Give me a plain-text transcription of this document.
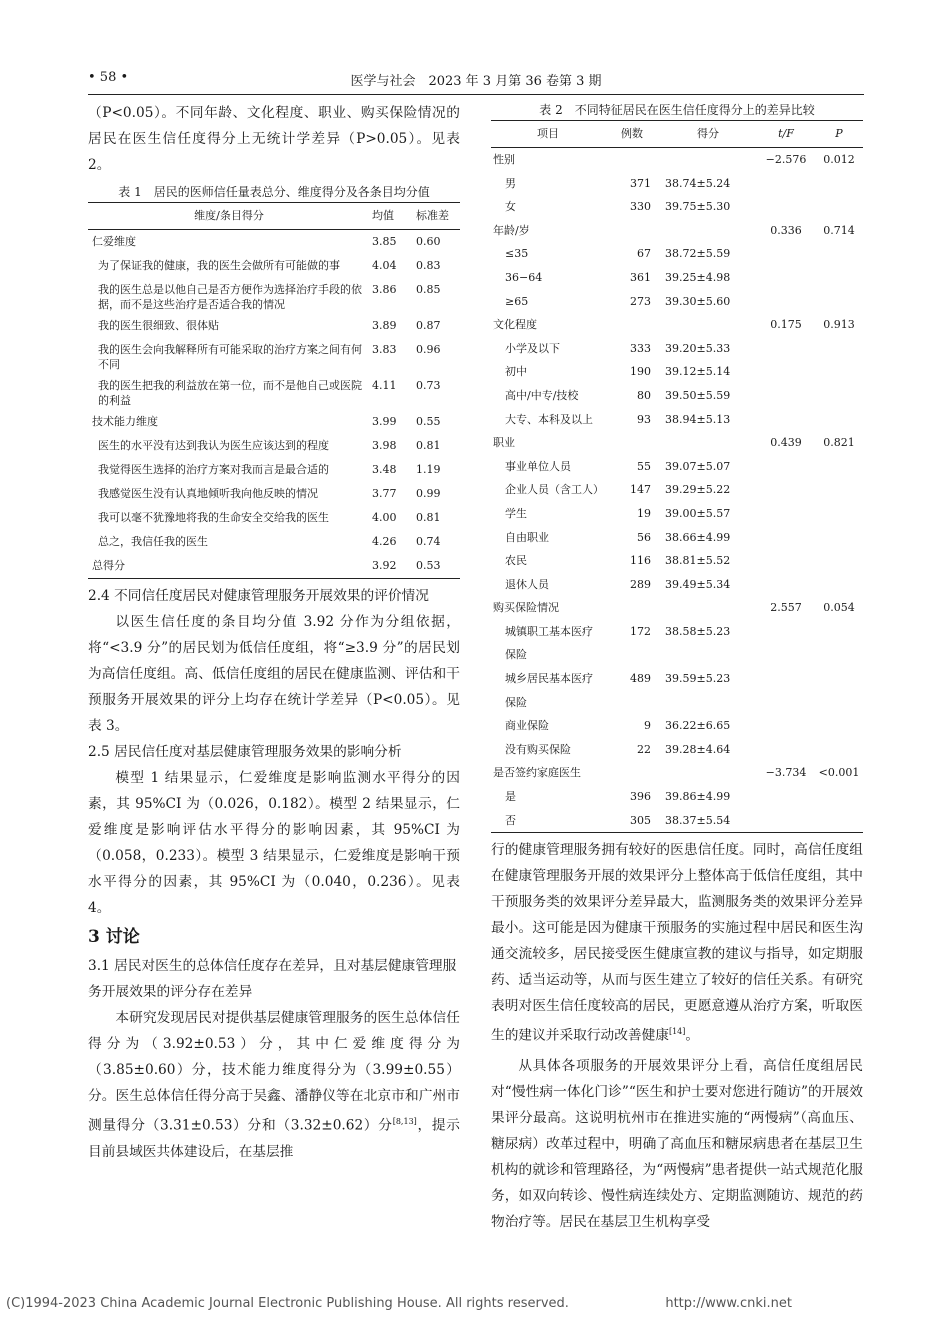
• 58 •	医学与社会　2023 年 3 月第 36 卷第 3 期

（P<0.05）。不同年龄、文化程度、职业、购买保险情况的居民在医生信任度得分上无统计学差异（P>0.05）。见表 2。

表 1　居民的医师信任量表总分、维度得分及各条目均分值
维度/条目得分	均值	标准差
仁爱维度	3.85	0.60
为了保证我的健康，我的医生会做所有可能做的事	4.04	0.83
我的医生总是以他自己是否方便作为选择治疗手段的依据，而不是这些治疗是否适合我的情况	3.86	0.85
我的医生很细致、很体贴	3.89	0.87
我的医生会向我解释所有可能采取的治疗方案之间有何不同	3.83	0.96
我的医生把我的利益放在第一位，而不是他自己或医院的利益	4.11	0.73
技术能力维度	3.99	0.55
医生的水平没有达到我认为医生应该达到的程度	3.98	0.81
我觉得医生选择的治疗方案对我而言是最合适的	3.48	1.19
我感觉医生没有认真地倾听我向他反映的情况	3.77	0.99
我可以毫不犹豫地将我的生命安全交给我的医生	4.00	0.81
总之，我信任我的医生	4.26	0.74
总得分	3.92	0.53

2.4 不同信任度居民对健康管理服务开展效果的评价情况

以医生信任度的条目均分值 3.92 分作为分组依据，将“<3.9 分”的居民划为低信任度组，将“≥3.9 分”的居民划为高信任度组。高、低信任度组的居民在健康监测、评估和干预服务开展效果的评分上均存在统计学差异（P<0.05）。见表 3。

2.5 居民信任度对基层健康管理服务效果的影响分析

模型 1 结果显示，仁爱维度是影响监测水平得分的因素，其 95%CI 为（0.026，0.182）。模型 2 结果显示，仁爱维度是影响评估水平得分的影响因素，其 95%CI 为（0.058，0.233）。模型 3 结果显示，仁爱维度是影响干预水平得分的因素，其 95%CI 为（0.040，0.236）。见表 4。

3 讨论

3.1 居民对医生的总体信任度存在差异，且对基层健康管理服务开展效果的评分存在差异

本研究发现居民对提供基层健康管理服务的医生总体信任得分为（3.92±0.53）分，其中仁爱维度得分为（3.85±0.60）分，技术能力维度得分为（3.99±0.55）分。医生总体信任得分高于吴鑫、潘静仪等在北京市和广州市测量得分（3.31±0.53）分和（3.32±0.62）分[8,13]，提示目前县域医共体建设后，在基层推

表 2　不同特征居民在医生信任度得分上的差异比较
项目	例数	得分	t/F	P
性别			−2.576	0.012
男	371	38.74±5.24		
女	330	39.75±5.30		
年龄/岁			0.336	0.714
≤35	67	38.72±5.59		
36−64	361	39.25±4.98		
≥65	273	39.30±5.60		
文化程度			0.175	0.913
小学及以下	333	39.20±5.33		
初中	190	39.12±5.14		
高中/中专/技校	80	39.50±5.59		
大专、本科及以上	93	38.94±5.13		
职业			0.439	0.821
事业单位人员	55	39.07±5.07		
企业人员（含工人）	147	39.29±5.22		
学生	19	39.00±5.57		
自由职业	56	38.66±4.99		
农民	116	38.81±5.52		
退休人员	289	39.49±5.34		
购买保险情况			2.557	0.054
城镇职工基本医疗保险	172	38.58±5.23		
城乡居民基本医疗保险	489	39.59±5.23		
商业保险	9	36.22±6.65		
没有购买保险	22	39.28±4.64		
是否签约家庭医生			−3.734	<0.001
是	396	39.86±4.99		
否	305	38.37±5.54		

行的健康管理服务拥有较好的医患信任度。同时，高信任度组在健康管理服务开展的效果评分上整体高于低信任度组，其中干预服务类的效果评分差异最大，监测服务类的效果评分差异最小。这可能是因为健康干预服务的实施过程中居民和医生沟通交流较多，居民接受医生健康宣教的建议与指导，如定期服药、适当运动等，从而与医生建立了较好的信任关系。有研究表明对医生信任度较高的居民，更愿意遵从治疗方案，听取医生的建议并采取行动改善健康[14]。

从具体各项服务的开展效果评分上看，高信任度组居民对“慢性病一体化门诊”“医生和护士要对您进行随访”的开展效果评分最高。这说明杭州市在推进实施的“两慢病”（高血压、糖尿病）改革过程中，明确了高血压和糖尿病患者在基层卫生机构的就诊和管理路径，为“两慢病”患者提供一站式规范化服务，如双向转诊、慢性病连续处方、定期监测随访、规范的药物治疗等。居民在基层卫生机构享受

(C)1994-2023 China Academic Journal Electronic Publishing House. All rights reserved.	http://www.cnki.net
